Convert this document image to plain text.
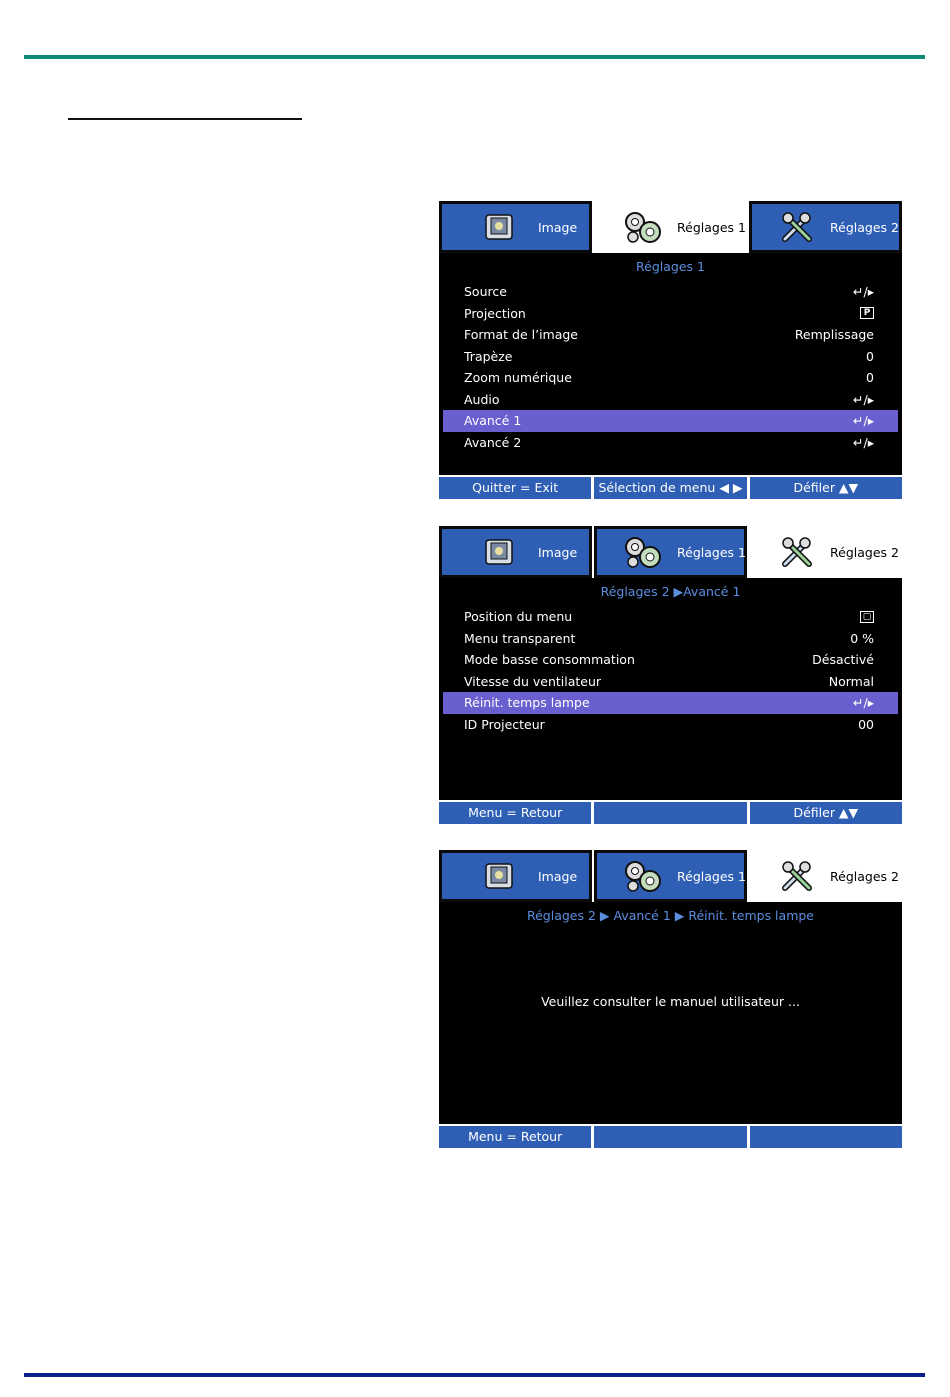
Image	Réglages 1	Réglages 2
Réglages 1
Source	↵/▸
Projection	P
Format de l’image	Remplissage
Trapèze	0
Zoom numérique	0
Audio	↵/▸
Avancé 1	↵/▸
Avancé 2	↵/▸
Quitter = Exit	Sélection de menu ◀ ▶	Défiler ▲▼
Image	Réglages 1	Réglages 2
Réglages 2 ▶Avancé 1
Position du menu	▢
Menu transparent	0 %
Mode basse consommation	Désactivé
Vitesse du ventilateur	Normal
Réinit. temps lampe	↵/▸
ID Projecteur	00
Menu = Retour	Défiler ▲▼
Image	Réglages 1	Réglages 2
Réglages 2 ▶ Avancé 1 ▶ Réinit. temps lampe
Veuillez consulter le manuel utilisateur ...
Menu = Retour
